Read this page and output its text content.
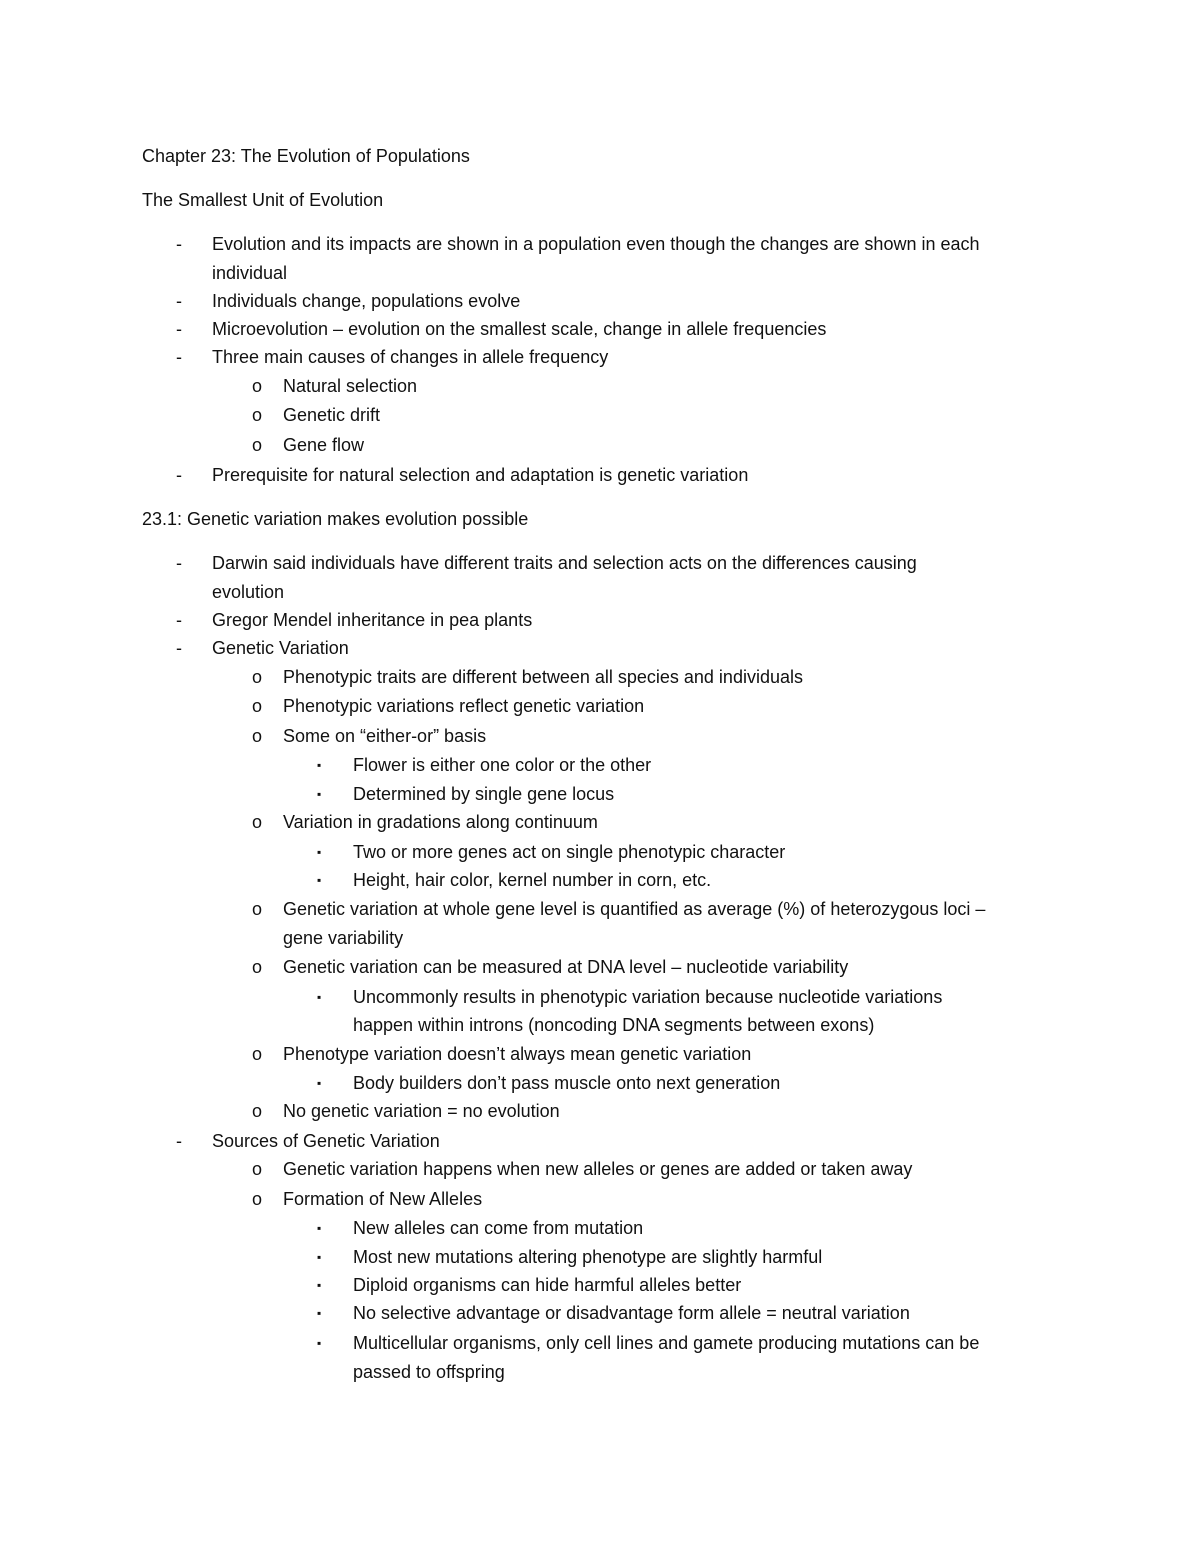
Chapter 23: The Evolution of Populations
The Smallest Unit of Evolution
- Evolution and its impacts are shown in a population even though the changes are shown in each
individual
- Individuals change, populations evolve
- Microevolution – evolution on the smallest scale, change in allele frequencies
- Three main causes of changes in allele frequency
o Natural selection
o Genetic drift
o Gene flow
- Prerequisite for natural selection and adaptation is genetic variation
23.1: Genetic variation makes evolution possible
- Darwin said individuals have different traits and selection acts on the differences causing
evolution
- Gregor Mendel inheritance in pea plants
- Genetic Variation
o Phenotypic traits are different between all species and individuals
o Phenotypic variations reflect genetic variation
o Some on “either-or” basis
▪ Flower is either one color or the other
▪ Determined by single gene locus
o Variation in gradations along continuum
▪ Two or more genes act on single phenotypic character
▪ Height, hair color, kernel number in corn, etc.
o Genetic variation at whole gene level is quantified as average (%) of heterozygous loci –
gene variability
o Genetic variation can be measured at DNA level – nucleotide variability
▪ Uncommonly results in phenotypic variation because nucleotide variations
happen within introns (noncoding DNA segments between exons)
o Phenotype variation doesn’t always mean genetic variation
▪ Body builders don’t pass muscle onto next generation
o No genetic variation = no evolution
- Sources of Genetic Variation
o Genetic variation happens when new alleles or genes are added or taken away
o Formation of New Alleles
▪ New alleles can come from mutation
▪ Most new mutations altering phenotype are slightly harmful
▪ Diploid organisms can hide harmful alleles better
▪ No selective advantage or disadvantage form allele = neutral variation
▪ Multicellular organisms, only cell lines and gamete producing mutations can be
passed to offspring
